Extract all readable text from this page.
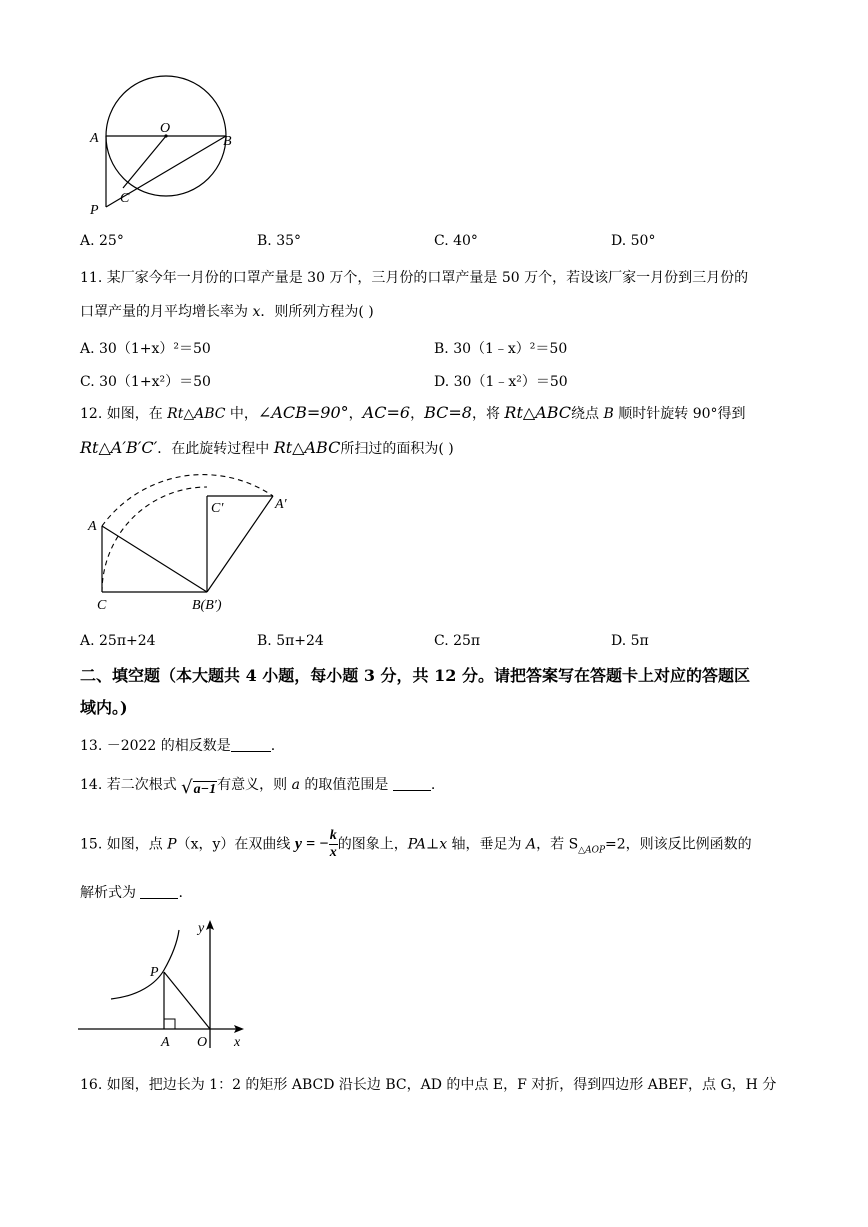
A
O
B
C
P
A. 25°	B. 35°	C. 40°	D. 50°
11. 某厂家今年一月份的口罩产量是 30 万个，三月份的口罩产量是 50 万个，若设该厂家一月份到三月份的
口罩产量的月平均增长率为 x．则所列方程为( )
A. 30（1+x）²＝50	B. 30（1﹣x）²＝50
C. 30（1+x²）＝50	D. 30（1﹣x²）＝50
12. 如图，在 Rt△ABC 中，∠ACB=90°，AC=6，BC=8，将 Rt△ABC绕点 B 顺时针旋转 90°得到
Rt△A′B′C′．在此旋转过程中 Rt△ABC所扫过的面积为( )
A
C′	A′
C	B(B′)
A. 25π+24	B. 5π+24	C. 25π	D. 5π
二、填空题（本大题共 4 小题，每小题 3 分，共 12 分。请把答案写在答题卡上对应的答题区
域内。)
13. －2022 的相反数是	.
14. 若二次根式 √a−1有意义，则 a 的取值范围是	.
15. 如图，点 P（x，y）在双曲线 y = − $\frac{k}{x}$ 的图象上，PA⊥x 轴，垂足为 A，若 $S_{\triangle AOP}=2$，则该反比例函数的
解析式为	.
y
P
A O x
16. 如图，把边长为 1：2 的矩形 ABCD 沿长边 BC，AD 的中点 E，F 对折，得到四边形 ABEF，点 G，H 分
